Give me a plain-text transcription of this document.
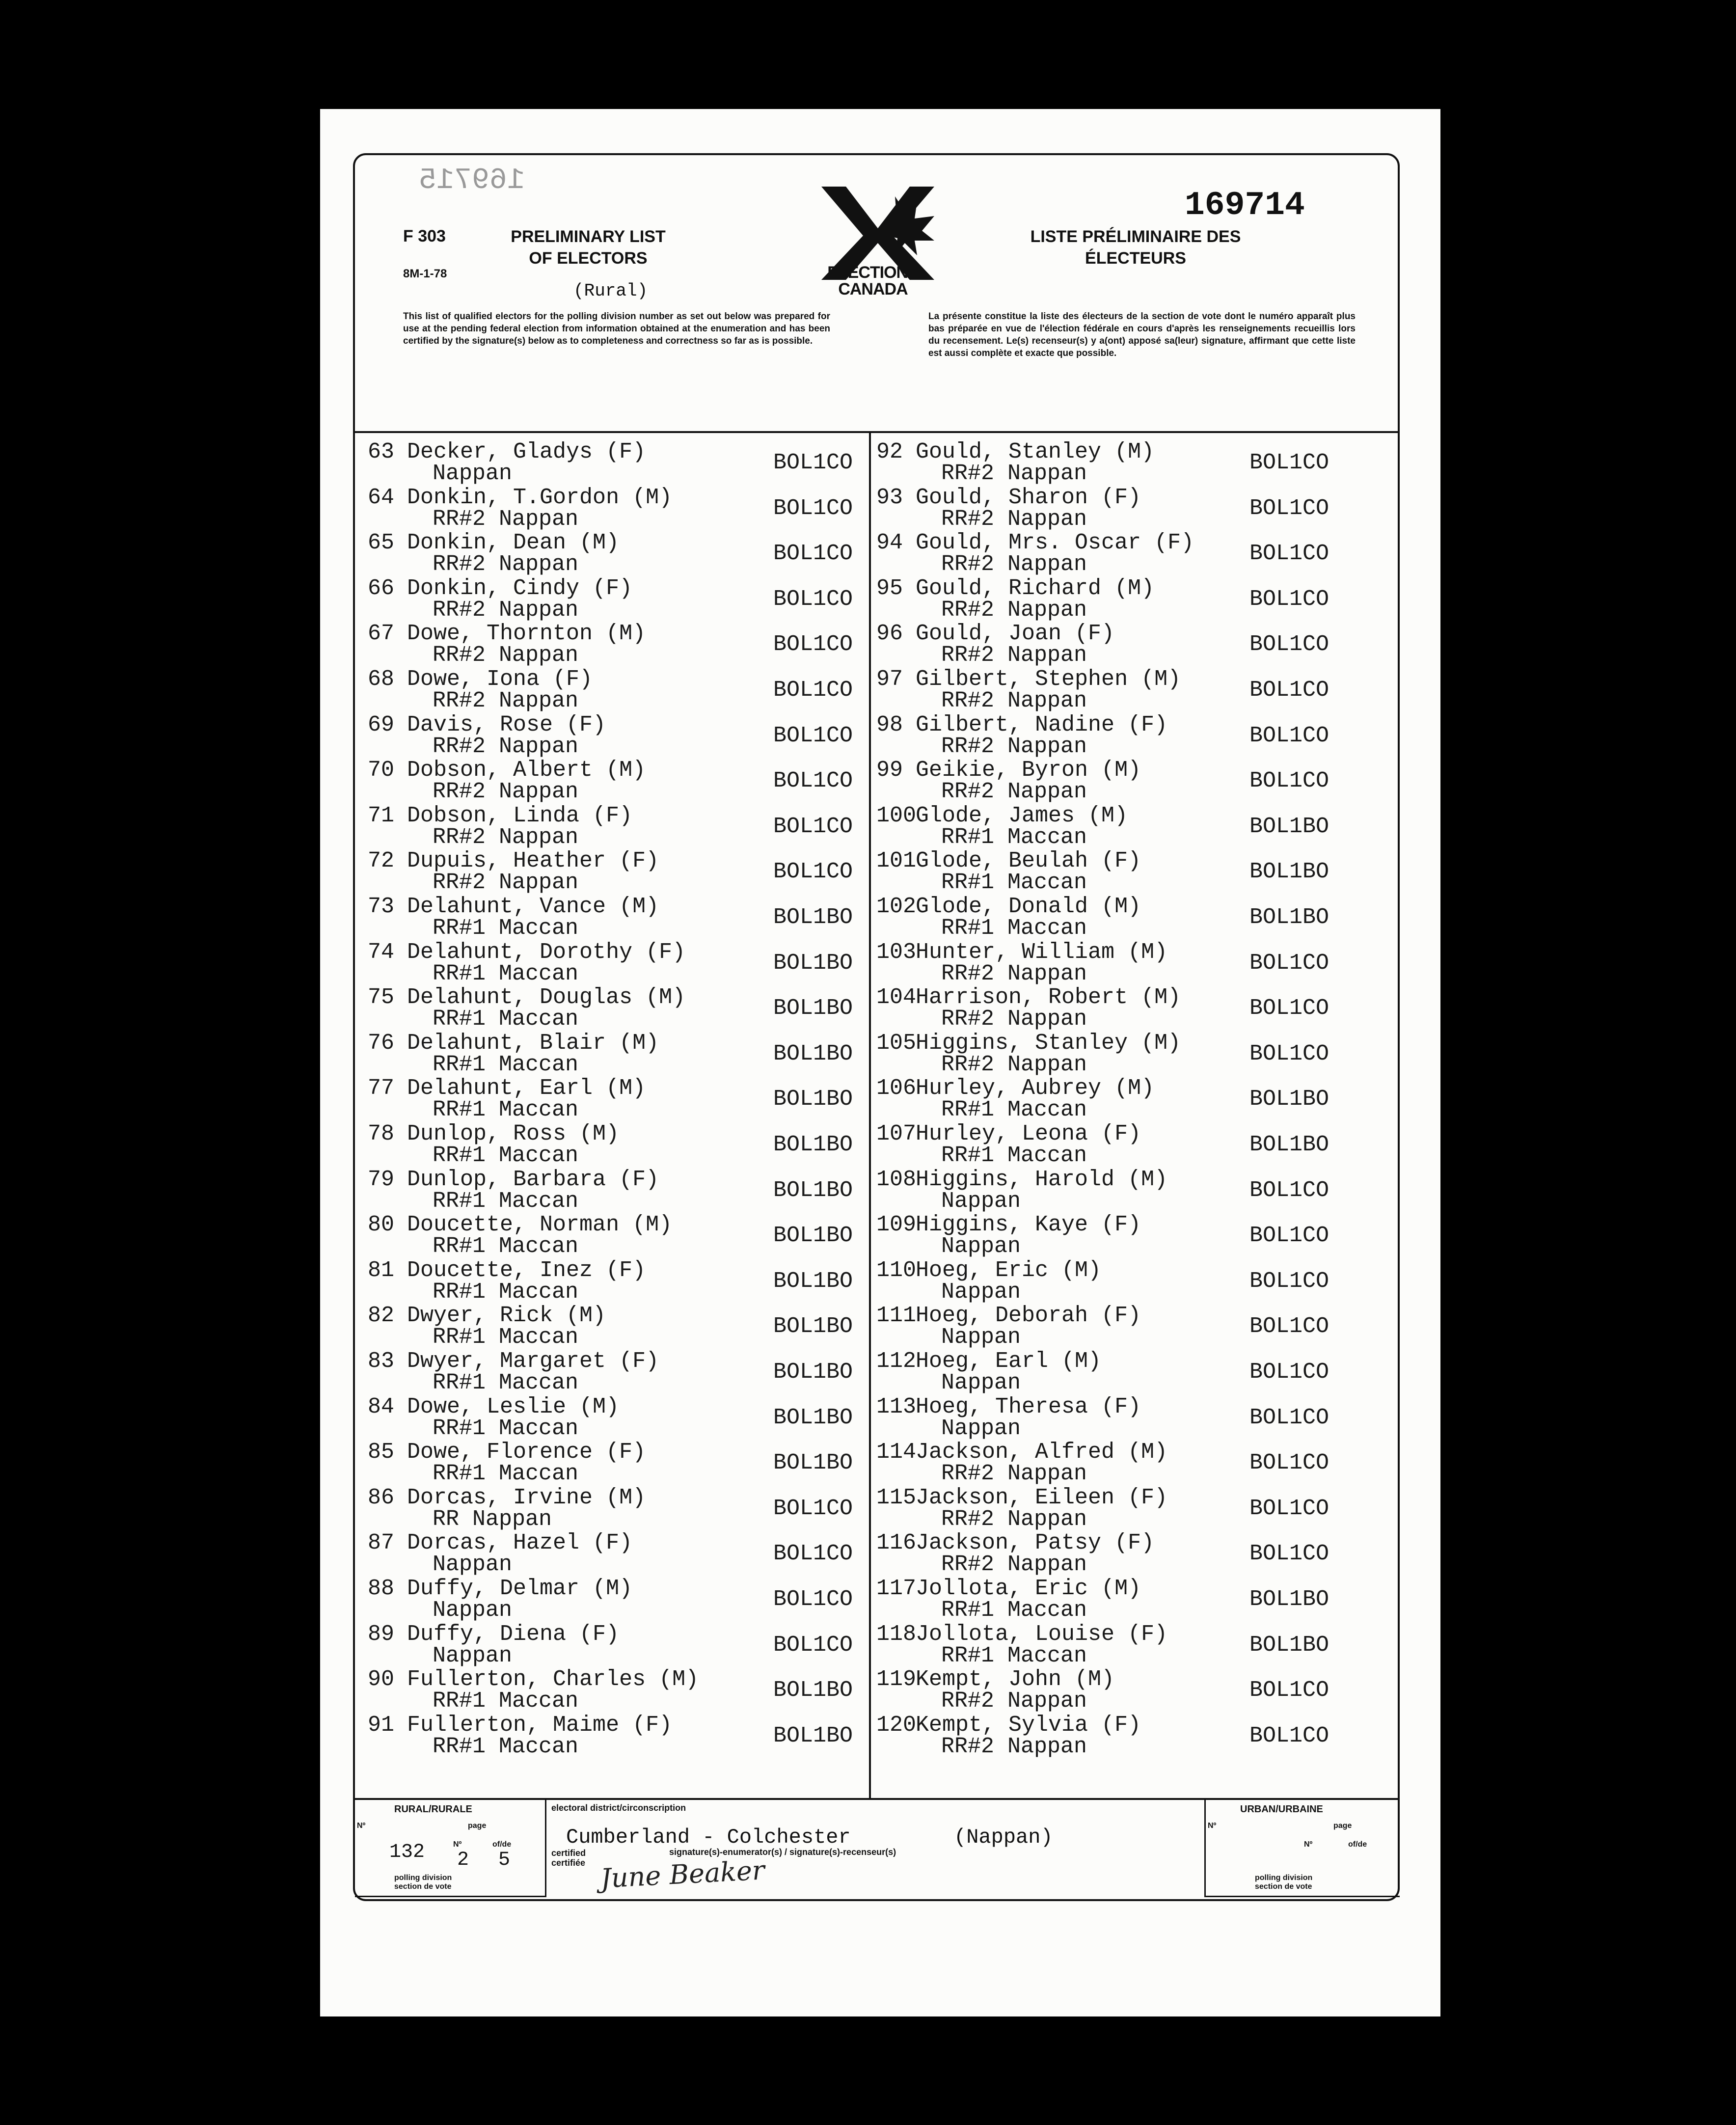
169715
F 303
8M-1-78
PRELIMINARY LIST OF ELECTORS
(Rural)
ELECTIONS CANADA
169714
LISTE PRÉLIMINAIRE DES ÉLECTEURS
This list of qualified electors for the polling division number as set out below was prepared for use at the pending federal election from information obtained at the enumeration and has been certified by the signature(s) below as to completeness and correctness so far as is possible.
La présente constitue la liste des électeurs de la section de vote dont le numéro apparaît plus bas préparée en vue de l'élection fédérale en cours d'après les renseignements recueillis lors du recensement. Le(s) recenseur(s) y a(ont) apposé sa(leur) signature, affirmant que cette liste est aussi complète et exacte que possible.
63 Decker, Gladys (F)
Nappan	BOL1CO
64 Donkin, T.Gordon (M)
RR#2 Nappan	BOL1CO
65 Donkin, Dean (M)
RR#2 Nappan	BOL1CO
66 Donkin, Cindy (F)
RR#2 Nappan	BOL1CO
67 Dowe, Thornton (M)
RR#2 Nappan	BOL1CO
68 Dowe, Iona (F)
RR#2 Nappan	BOL1CO
69 Davis, Rose (F)
RR#2 Nappan	BOL1CO
70 Dobson, Albert (M)
RR#2 Nappan	BOL1CO
71 Dobson, Linda (F)
RR#2 Nappan	BOL1CO
72 Dupuis, Heather (F)
RR#2 Nappan	BOL1CO
73 Delahunt, Vance (M)
RR#1 Maccan	BOL1BO
74 Delahunt, Dorothy (F)
RR#1 Maccan	BOL1BO
75 Delahunt, Douglas (M)
RR#1 Maccan	BOL1BO
76 Delahunt, Blair (M)
RR#1 Maccan	BOL1BO
77 Delahunt, Earl (M)
RR#1 Maccan	BOL1BO
78 Dunlop, Ross (M)
RR#1 Maccan	BOL1BO
79 Dunlop, Barbara (F)
RR#1 Maccan	BOL1BO
80 Doucette, Norman (M)
RR#1 Maccan	BOL1BO
81 Doucette, Inez (F)
RR#1 Maccan	BOL1BO
82 Dwyer, Rick (M)
RR#1 Maccan	BOL1BO
83 Dwyer, Margaret (F)
RR#1 Maccan	BOL1BO
84 Dowe, Leslie (M)
RR#1 Maccan	BOL1BO
85 Dowe, Florence (F)
RR#1 Maccan	BOL1BO
86 Dorcas, Irvine (M)
RR Nappan	BOL1CO
87 Dorcas, Hazel (F)
Nappan	BOL1CO
88 Duffy, Delmar (M)
Nappan	BOL1CO
89 Duffy, Diena (F)
Nappan	BOL1CO
90 Fullerton, Charles (M)
RR#1 Maccan	BOL1BO
91 Fullerton, Maime (F)
RR#1 Maccan	BOL1BO
92 Gould, Stanley (M)
RR#2 Nappan	BOL1CO
93 Gould, Sharon (F)
RR#2 Nappan	BOL1CO
94 Gould, Mrs. Oscar (F)
RR#2 Nappan	BOL1CO
95 Gould, Richard (M)
RR#2 Nappan	BOL1CO
96 Gould, Joan (F)
RR#2 Nappan	BOL1CO
97 Gilbert, Stephen (M)
RR#2 Nappan	BOL1CO
98 Gilbert, Nadine (F)
RR#2 Nappan	BOL1CO
99 Geikie, Byron (M)
RR#2 Nappan	BOL1CO
100Glode, James (M)
RR#1 Maccan	BOL1BO
101Glode, Beulah (F)
RR#1 Maccan	BOL1BO
102Glode, Donald (M)
RR#1 Maccan	BOL1BO
103Hunter, William (M)
RR#2 Nappan	BOL1CO
104Harrison, Robert (M)
RR#2 Nappan	BOL1CO
105Higgins, Stanley (M)
RR#2 Nappan	BOL1CO
106Hurley, Aubrey (M)
RR#1 Maccan	BOL1BO
107Hurley, Leona (F)
RR#1 Maccan	BOL1BO
108Higgins, Harold (M)
Nappan	BOL1CO
109Higgins, Kaye (F)
Nappan	BOL1CO
110Hoeg, Eric (M)
Nappan	BOL1CO
111Hoeg, Deborah (F)
Nappan	BOL1CO
112Hoeg, Earl (M)
Nappan	BOL1CO
113Hoeg, Theresa (F)
Nappan	BOL1CO
114Jackson, Alfred (M)
RR#2 Nappan	BOL1CO
115Jackson, Eileen (F)
RR#2 Nappan	BOL1CO
116Jackson, Patsy (F)
RR#2 Nappan	BOL1CO
117Jollota, Eric (M)
RR#1 Maccan	BOL1BO
118Jollota, Louise (F)
RR#1 Maccan	BOL1BO
119Kempt, John (M)
RR#2 Nappan	BOL1CO
120Kempt, Sylvia (F)
RR#2 Nappan	BOL1CO
RURAL/RURALE
Nº	page
132	Nº
2
of/de
5
polling division section de vote
electoral district/circonscription
Cumberland - Colchester	(Nappan)
certified certifiée
signature(s)-enumerator(s) / signature(s)-recenseur(s)
June Beaker
URBAN/URBAINE
Nº	page
Nº	of/de
polling division section de vote
